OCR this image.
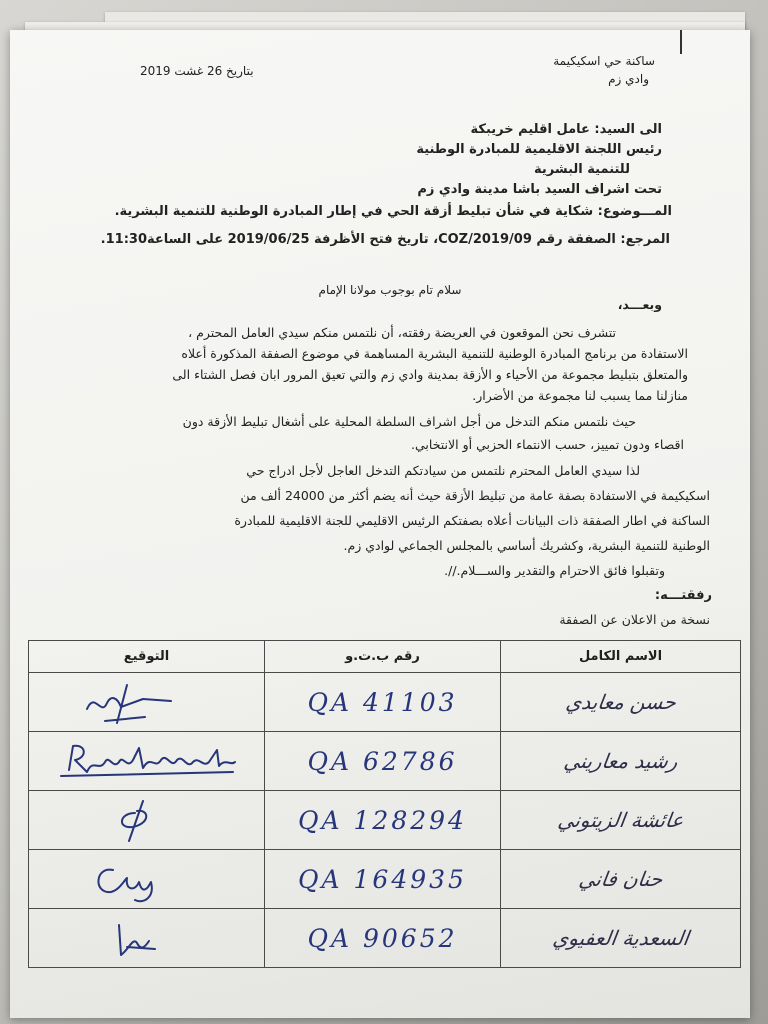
ساكنة حي اسكيكيمة
وادي زم
بتاريخ 26 غشت 2019
الى السيد: عامل اقليم خريبكة
رئيس اللجنة الاقليمية للمبادرة الوطنية
للتنمية البشرية
تحت اشراف السيد باشا مدينة وادي زم
المـــوضوع: شكاية في شأن تبليط أزقة الحي في إطار المبادرة الوطنية للتنمية البشرية.
المرجع: الصفقة رقم COZ/2019/09، تاريخ فتح الأظرفة 2019/06/25 على الساعة11:30.
سلام تام بوجوب مولانا الإمام
وبعـــد،
تتشرف نحن الموقعون في العريضة رفقته، أن نلتمس منكم سيدي العامل المحترم ،
الاستفادة من برنامج المبادرة الوطنية للتنمية البشرية المساهمة في موضوع الصفقة المذكورة أعلاه
والمتعلق بتبليط مجموعة من الأحياء و الأزقة بمدينة وادي زم والتي تعيق المرور ابان فصل الشتاء الى
منازلنا مما يسبب لنا مجموعة من الأضرار.
حيث نلتمس منكم التدخل من أجل اشراف السلطة المحلية على أشغال تبليط الأزقة دون
اقصاء ودون تمييز، حسب الانتماء الحزبي أو الانتخابي.
لذا سيدي العامل المحترم نلتمس من سيادتكم التدخل العاجل لأجل ادراج حي
اسكيكيمة في الاستفادة بصفة عامة من تبليط الأزقة حيث أنه يضم أكثر من 24000 ألف من
الساكنة في اطار الصفقة ذات البيانات أعلاه بصفتكم الرئيس الاقليمي للجنة الاقليمية للمبادرة
الوطنية للتنمية البشرية، وكشريك أساسي بالمجلس الجماعي لوادي زم.
وتقبلوا فائق الاحترام والتقدير والســـلام.//.
رفقتـــه:
نسخة من الاعلان عن الصفقة
الاسم الكامل	رقم ب.ت.و	التوقيع
حسن معايدي	QA 41103	

رشيد معاريني	QA 62786	

عائشة الزيتوني	QA 128294	

حنان فاني	QA 164935	

السعدية العفيوي	QA 90652	
